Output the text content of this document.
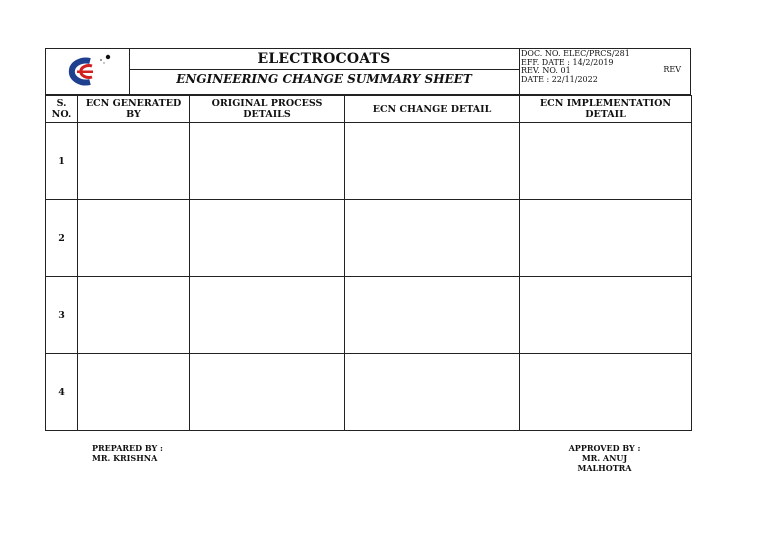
ELECTROCOATS
ENGINEERING CHANGE SUMMARY SHEET
DOC. NO. ELEC/PRCS/281
EFF. DATE : 14/2/2019
REV. NO. 01
DATE : 22/11/2022
REV
S. NO.	ECN GENERATED BY	ORIGINAL PROCESS DETAILS	ECN CHANGE DETAIL	ECN IMPLEMENTATION DETAIL
1				
2				
3				
4				
PREPARED BY :
MR. KRISHNA
APPROVED BY :
MR. ANUJ MALHOTRA
